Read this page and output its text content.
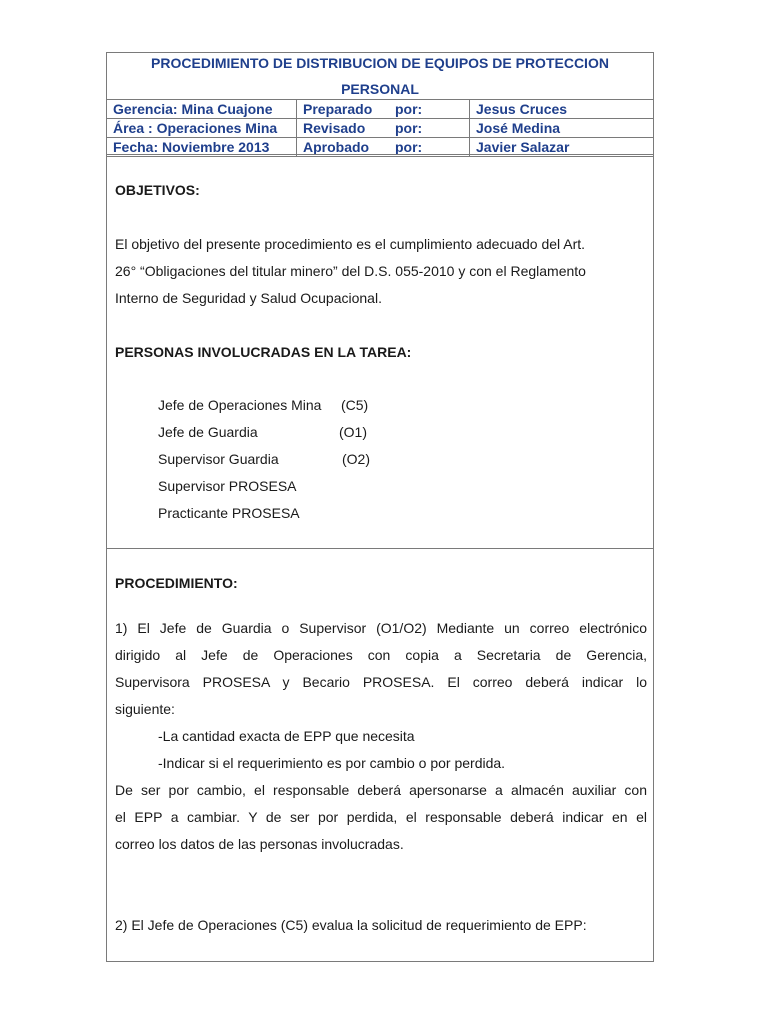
PROCEDIMIENTO DE DISTRIBUCION DE EQUIPOS DE PROTECCION
PERSONAL
Gerencia: Mina Cuajone	Preparado	por:	Jesus Cruces
Área : Operaciones Mina	Revisado	por:	José Medina
Fecha: Noviembre 2013	Aprobado	por:	Javier Salazar
OBJETIVOS:
El objetivo del presente procedimiento es el cumplimiento adecuado del Art.
26° “Obligaciones del titular minero” del D.S. 055-2010 y con el Reglamento
Interno de Seguridad y Salud Ocupacional.
PERSONAS INVOLUCRADAS EN LA TAREA:
Jefe de Operaciones Mina (C5)
Jefe de Guardia	(O1)
Supervisor Guardia	(O2)
Supervisor PROSESA
Practicante PROSESA
PROCEDIMIENTO:
1) El Jefe de Guardia o Supervisor (O1/O2) Mediante un correo electrónico
dirigido al Jefe de Operaciones con copia a Secretaria de Gerencia,
Supervisora PROSESA y Becario PROSESA. El correo deberá indicar lo
siguiente:
-La cantidad exacta de EPP que necesita
-Indicar si el requerimiento es por cambio o por perdida.
De ser por cambio, el responsable deberá apersonarse a almacén auxiliar con
el EPP a cambiar. Y de ser por perdida, el responsable deberá indicar en el
correo los datos de las personas involucradas.
2) El Jefe de Operaciones (C5) evalua la solicitud de requerimiento de EPP:
